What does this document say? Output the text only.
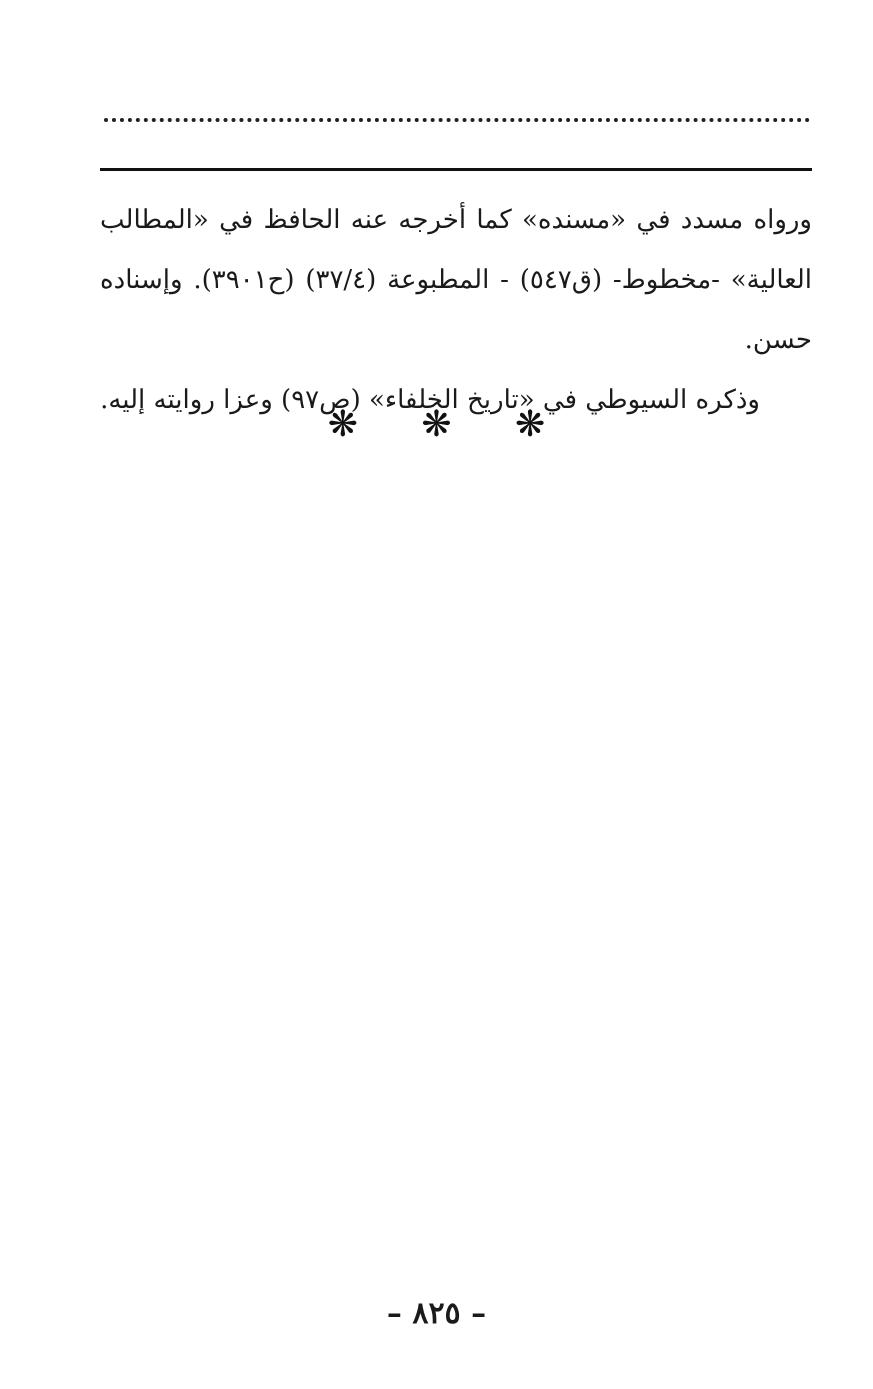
ورواه مسدد في «مسنده» كما أخرجه عنه الحافظ في «المطالب العالية» -مخطوط- (ق٥٤٧) - المطبوعة (٣٧/٤) (ح٣٩٠١). وإسناده حسن.

وذكره السيوطي في «تاريخ الخلفاء» (ص٩٧) وعزا روايته إليه.

❋ ❋ ❋
– ٨٢٥ –
